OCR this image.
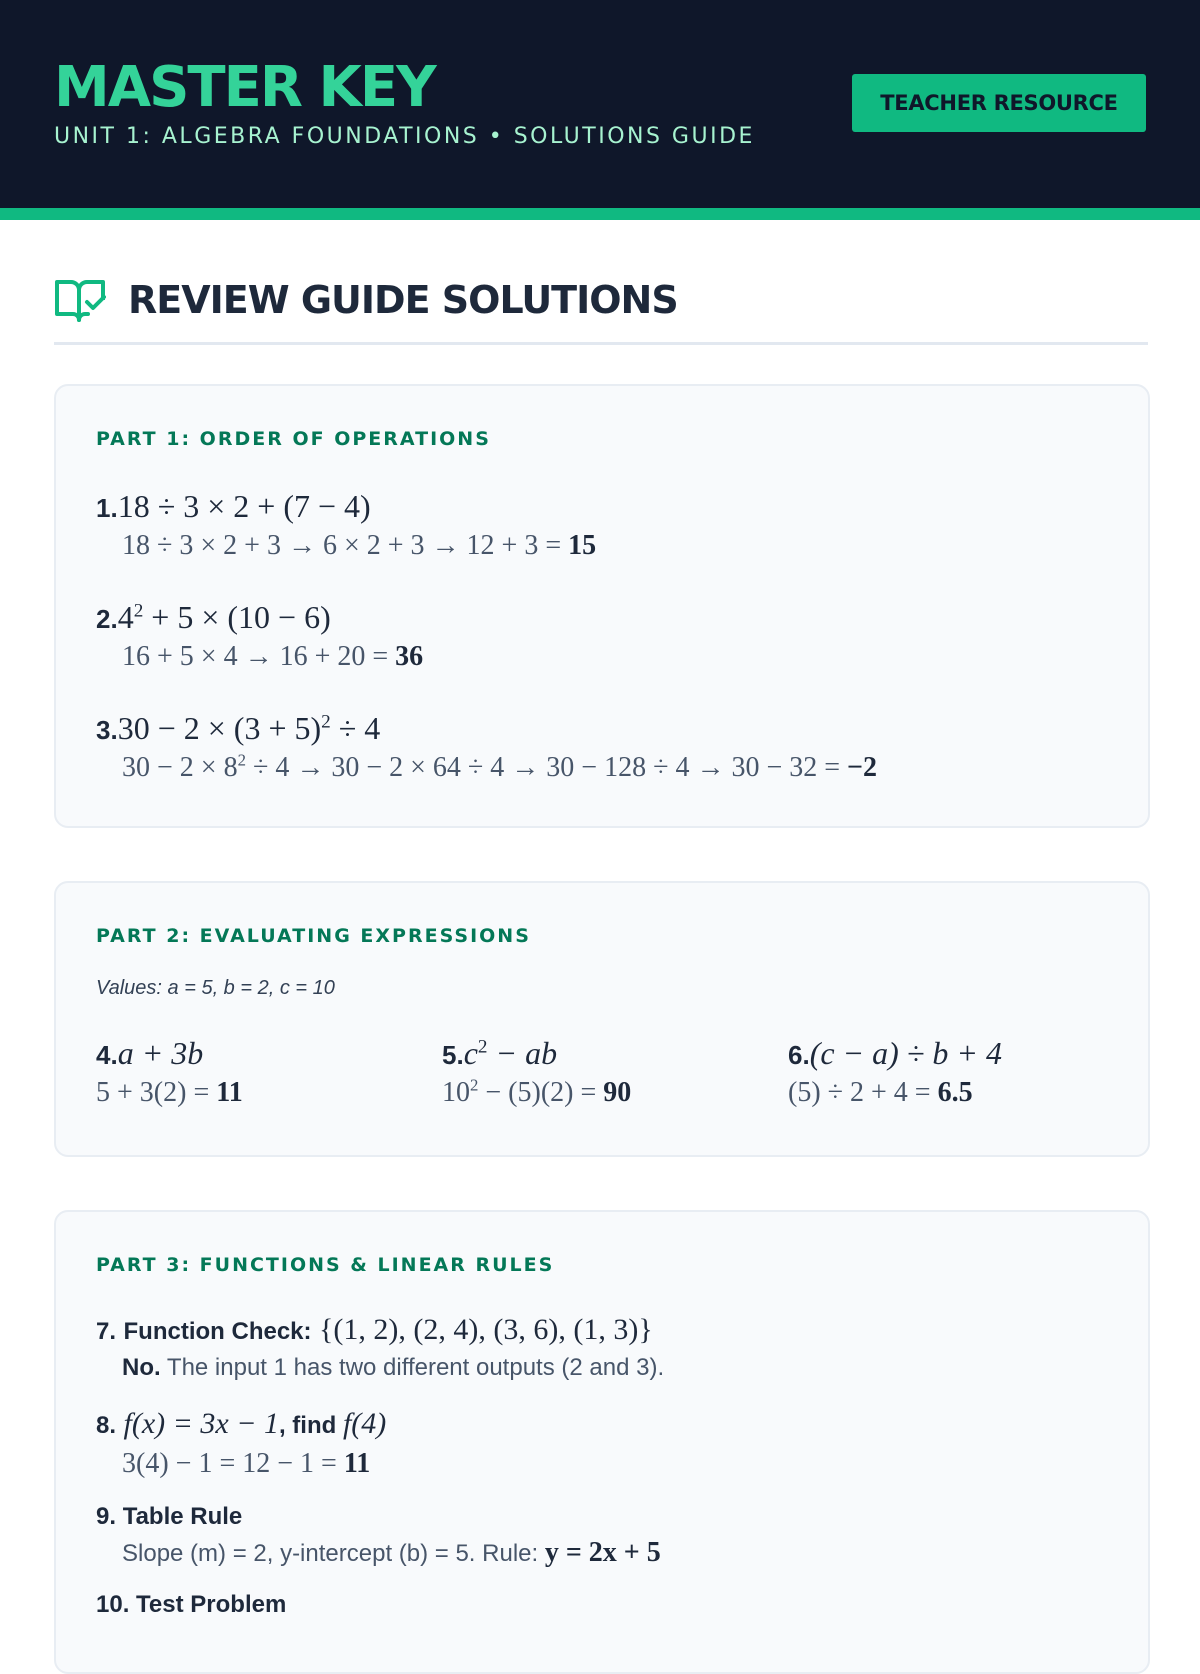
MASTER KEY
UNIT 1: ALGEBRA FOUNDATIONS • SOLUTIONS GUIDE
TEACHER RESOURCE
REVIEW GUIDE SOLUTIONS
PART 1: ORDER OF OPERATIONS
1.18 ÷ 3 × 2 + (7 − 4)
18 ÷ 3 × 2 + 3 → 6 × 2 + 3 → 12 + 3 = 15
$2.4^2 + 5 \times (10 - 6)$
16 + 5 × 4 → 16 + 20 = 36
$3.30 - 2 \times (3 + 5)^2 \div 4$
$30 - 2 \times 8^2 \div 4 \to 30 - 2 \times 64 \div 4 \to 30 - 128 \div 4 \to 30 - 32 = -2$
PART 2: EVALUATING EXPRESSIONS
Values: a = 5, b = 2, c = 10
4.a + 3b
5 + 3(2) = 11
$5.c^2$ − ab
$10^2 - (5)(2) = 90$
6.(c − a) ÷ b + 4
(5) ÷ 2 + 4 = 6.5
PART 3: FUNCTIONS & LINEAR RULES
7. Function Check: {(1, 2), (2, 4), (3, 6), (1, 3)}
No. The input 1 has two different outputs (2 and 3).
8. f(x) = 3x − 1, find f(4)
3(4) − 1 = 12 − 1 = 11
9. Table Rule
Slope (m) = 2, y-intercept (b) = 5. Rule: y = 2x + 5
10. Test Problem
